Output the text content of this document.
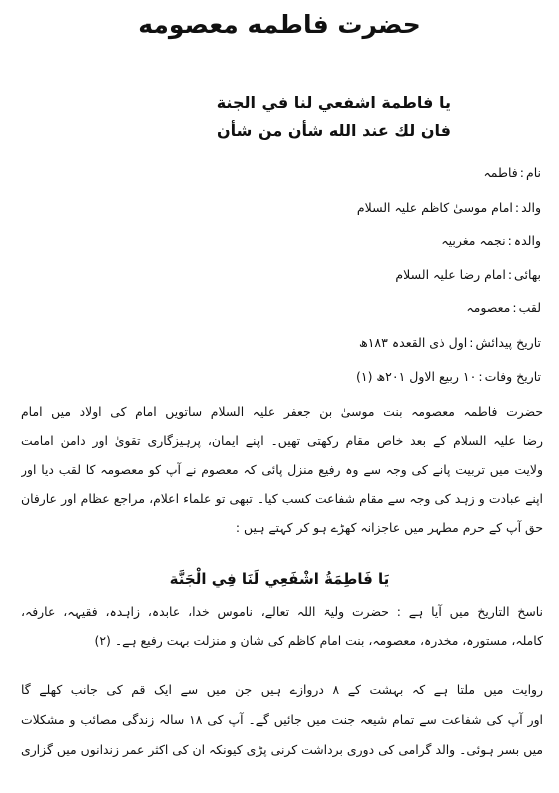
حضرت فاطمه معصومه
يا فاطمة اشفعي لنا في الجنة
فان لك عند الله شأن من شأن
نام:فاطمہ
والد:امام موسیٰ کاظم علیہ السلام
والدہ:نجمہ مغربیہ
بھائی:امام رضا علیہ السلام
لقب:معصومہ
تاریخ پیدائش:اول ذی القعدہ ۱۸۳ھ
تاریخ وفات:۱۰ ربیع الاول ۲۰۱ھ (۱)
حضرت فاطمہ معصومہ بنت موسیٰ بن جعفر علیہ السلام ساتویں امام کی اولاد میں امام
رضا علیہ السلام کے بعد خاص مقام رکھتی تھیں۔ اپنے ایمان، پرہیزگاری تقویٰ اور دامن امامت
ولایت میں تربیت پانے کی وجہ سے وہ رفیع منزل پائی کہ معصوم نے آپ کو معصومہ کا لقب دیا اور
اپنے عبادت و زہد کی وجہ سے مقام شفاعت کسب کیا۔ تبھی تو علماء اعلام، مراجع عظام اور عارفان
حق آپ کے حرم مطہر میں عاجزانہ کھڑے ہو کر کہتے ہیں :
يَا فَاطِمَةُ اشْفَعِي لَنَا فِي الْجَنَّة
ناسخ التاریخ میں آیا ہے : حضرت ولیۃ اللہ تعالے، ناموس خدا، عابدہ، زاہدہ، فقیہہ، عارفہ،
کاملہ، مستورہ، مخدرہ، معصومہ، بنت امام کاظم کی شان و منزلت بہت رفیع ہے۔ (۲)
روایت میں ملتا ہے کہ بہشت کے ۸ دروازے ہیں جن میں سے ایک قم کی جانب کھلے گا
اور آپ کی شفاعت سے تمام شیعہ جنت میں جائیں گے۔ آپ کی ۱۸ سالہ زندگی مصائب و مشکلات
میں بسر ہوئی۔ والد گرامی کی دوری برداشت کرنی پڑی کیونکہ ان کی اکثر عمر زندانوں میں گزاری
